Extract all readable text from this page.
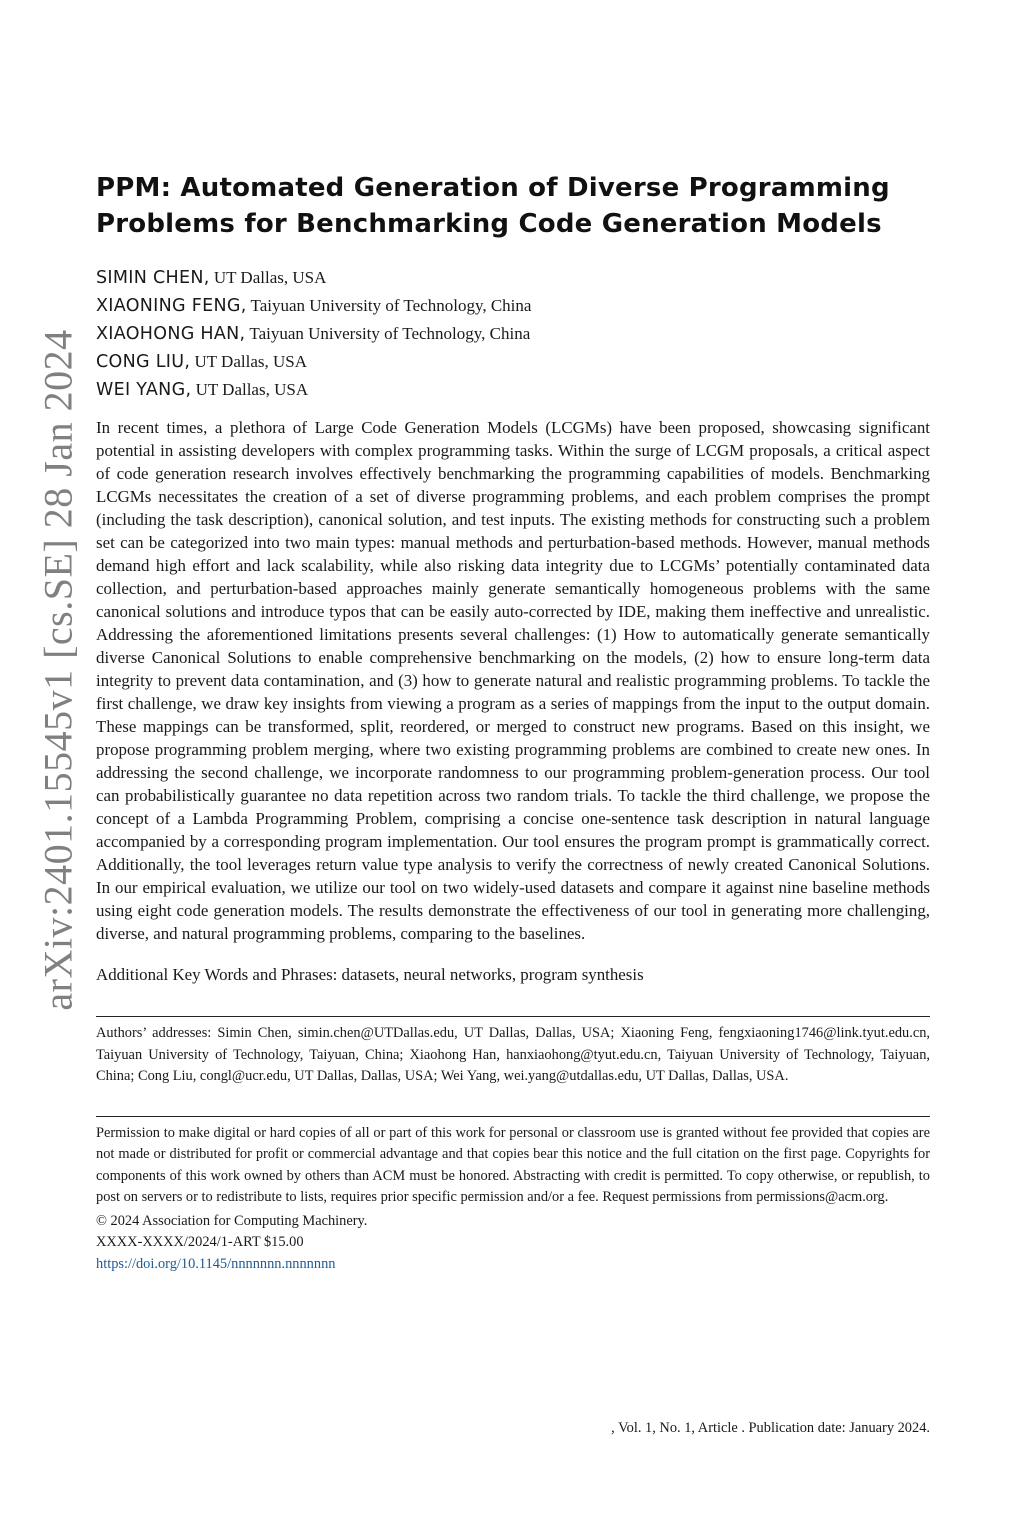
arXiv:2401.15545v1 [cs.SE] 28 Jan 2024
PPM: Automated Generation of Diverse Programming
Problems for Benchmarking Code Generation Models
SIMIN CHEN, UT Dallas, USA
XIAONING FENG, Taiyuan University of Technology, China
XIAOHONG HAN, Taiyuan University of Technology, China
CONG LIU, UT Dallas, USA
WEI YANG, UT Dallas, USA

In recent times, a plethora of Large Code Generation Models (LCGMs) have been proposed, showcasing significant potential in assisting developers with complex programming tasks. Within the surge of LCGM proposals, a critical aspect of code generation research involves effectively benchmarking the programming capabilities of models. Benchmarking LCGMs necessitates the creation of a set of diverse programming problems, and each problem comprises the prompt (including the task description), canonical solution, and test inputs. The existing methods for constructing such a problem set can be categorized into two main types: manual methods and perturbation-based methods. However, manual methods demand high effort and lack scalability, while also risking data integrity due to LCGMs’ potentially contaminated data collection, and perturbation-based approaches mainly generate semantically homogeneous problems with the same canonical solutions and introduce typos that can be easily auto-corrected by IDE, making them ineffective and unrealistic. Addressing the aforementioned limitations presents several challenges: (1) How to automatically generate semantically diverse Canonical Solutions to enable comprehensive benchmarking on the models, (2) how to ensure long-term data integrity to prevent data contamination, and (3) how to generate natural and realistic programming problems. To tackle the first challenge, we draw key insights from viewing a program as a series of mappings from the input to the output domain. These mappings can be transformed, split, reordered, or merged to construct new programs. Based on this insight, we propose programming problem merging, where two existing programming problems are combined to create new ones. In addressing the second challenge, we incorporate randomness to our programming problem-generation process. Our tool can probabilistically guarantee no data repetition across two random trials. To tackle the third challenge, we propose the concept of a Lambda Programming Problem, comprising a concise one-sentence task description in natural language accompanied by a corresponding program implementation. Our tool ensures the program prompt is grammatically correct. Additionally, the tool leverages return value type analysis to verify the correctness of newly created Canonical Solutions. In our empirical evaluation, we utilize our tool on two widely-used datasets and compare it against nine baseline methods using eight code generation models. The results demonstrate the effectiveness of our tool in generating more challenging, diverse, and natural programming problems, comparing to the baselines.

Additional Key Words and Phrases: datasets, neural networks, program synthesis

Authors’ addresses: Simin Chen, simin.chen@UTDallas.edu, UT Dallas, Dallas, USA; Xiaoning Feng, fengxiaoning1746@link.tyut.edu.cn, Taiyuan University of Technology, Taiyuan, China; Xiaohong Han, hanxiaohong@tyut.edu.cn, Taiyuan University of Technology, Taiyuan, China; Cong Liu, congl@ucr.edu, UT Dallas, Dallas, USA; Wei Yang, wei.yang@utdallas.edu, UT Dallas, Dallas, USA.

Permission to make digital or hard copies of all or part of this work for personal or classroom use is granted without fee provided that copies are not made or distributed for profit or commercial advantage and that copies bear this notice and the full citation on the first page. Copyrights for components of this work owned by others than ACM must be honored. Abstracting with credit is permitted. To copy otherwise, or republish, to post on servers or to redistribute to lists, requires prior specific permission and/or a fee. Request permissions from permissions@acm.org.

© 2024 Association for Computing Machinery.
XXXX-XXXX/2024/1-ART $15.00
https://doi.org/10.1145/nnnnnnn.nnnnnnn
, Vol. 1, No. 1, Article . Publication date: January 2024.
